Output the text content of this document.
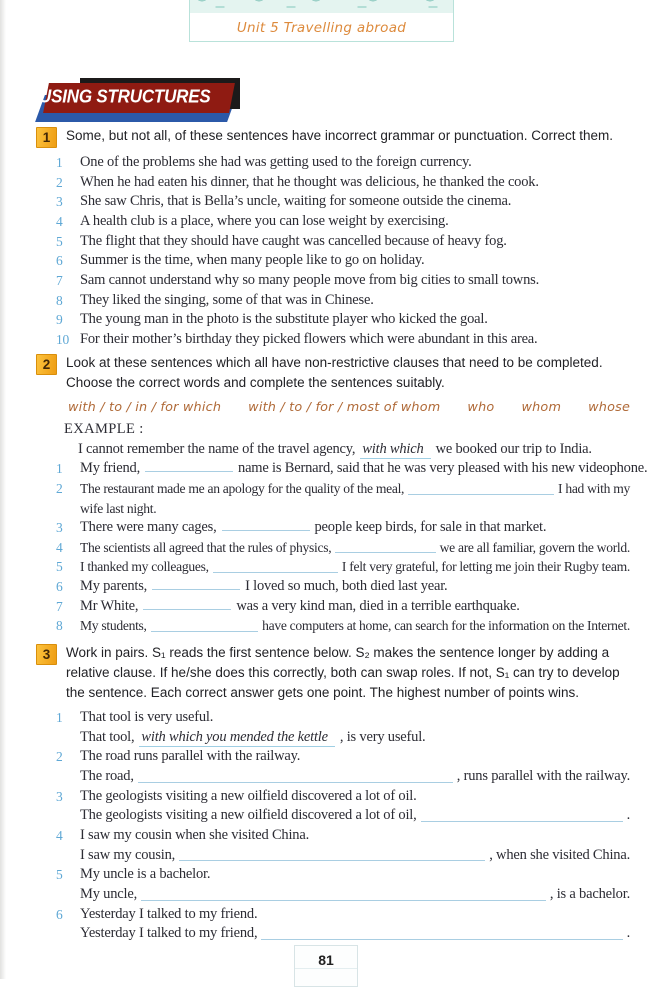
Unit 5 Travelling abroad
USING STRUCTURES
1	Some, but not all, of these sentences have incorrect grammar or punctuation. Correct them.
1	One of the problems she had was getting used to the foreign currency.
2	When he had eaten his dinner, that he thought was delicious, he thanked the cook.
3	She saw Chris, that is Bella’s uncle, waiting for someone outside the cinema.
4	A health club is a place, where you can lose weight by exercising.
5	The flight that they should have caught was cancelled because of heavy fog.
6	Summer is the time, when many people like to go on holiday.
7	Sam cannot understand why so many people move from big cities to small towns.
8	They liked the singing, some of that was in Chinese.
9	The young man in the photo is the substitute player who kicked the goal.
10 For their mother’s birthday they picked flowers which were abundant in this area.
2	Look at these sentences which all have non-restrictive clauses that need to be completed. Choose the correct words and complete the sentences suitably.
with / to / in / for which with / to / for / most of whom who whom whose
EXAMPLE :
I cannot remember the name of the travel agency, with which we booked our trip to India.
1	My friend,	name is Bernard, said that he was very pleased with his new videophone.
2	The restaurant made me an apology for the quality of the meal,	I had with my
wife last night.
3	There were many cages,	people keep birds, for sale in that market.
4	The scientists all agreed that the rules of physics,	we are all familiar, govern the world.
5	I thanked my colleagues,	I felt very grateful, for letting me join their Rugby team.
6	My parents,	I loved so much, both died last year.
7	Mr White,	was a very kind man, died in a terrible earthquake.
8	My students,	have computers at home, can search for the information on the Internet.
3	Work in pairs. S₁ reads the first sentence below. S₂ makes the sentence longer by adding a relative clause. If he/she does this correctly, both can swap roles. If not, S₁ can try to develop the sentence. Each correct answer gets one point. The highest number of points wins.
1	That tool is very useful.
That tool, with which you mended the kettle , is very useful.
2	The road runs parallel with the railway.
The road,	, runs parallel with the railway.
3	The geologists visiting a new oilfield discovered a lot of oil.
The geologists visiting a new oilfield discovered a lot of oil,	.
4	I saw my cousin when she visited China.
I saw my cousin,	, when she visited China.
5	My uncle is a bachelor.
My uncle,	, is a bachelor.
6	Yesterday I talked to my friend.
Yesterday I talked to my friend,	.
81
